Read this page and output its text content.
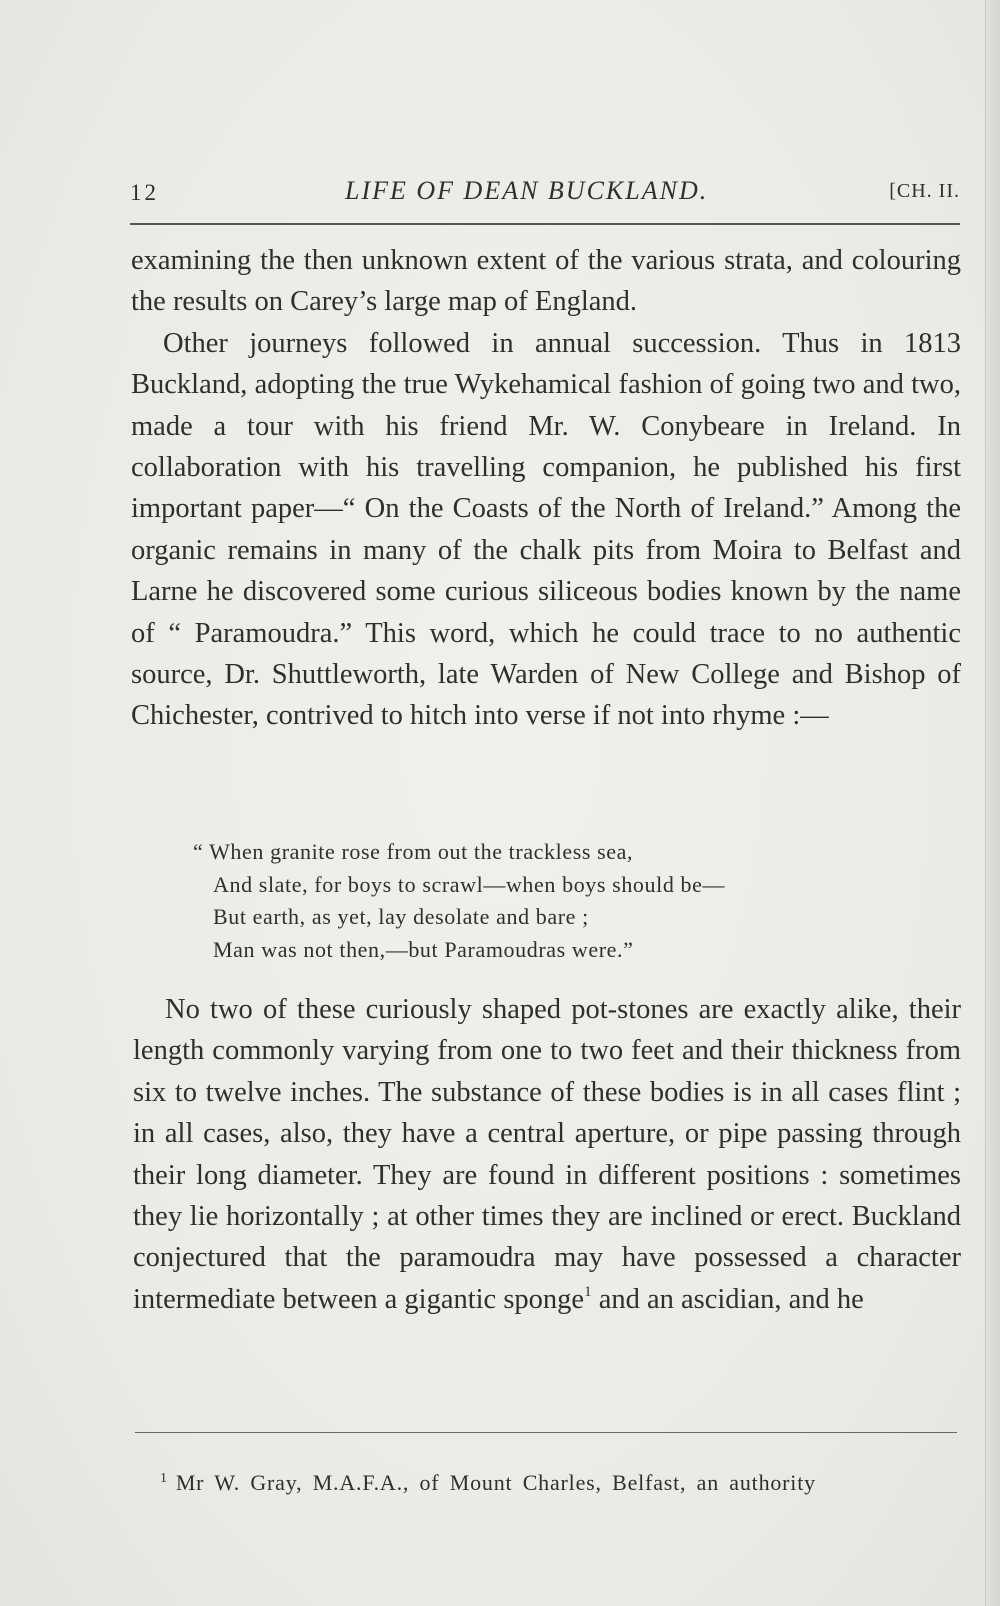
12	LIFE OF DEAN BUCKLAND.	[CH. II.

examining the then unknown extent of the various strata, and colouring the results on Carey’s large map of England.

Other journeys followed in annual succession. Thus in 1813 Buckland, adopting the true Wykehamical fashion of going two and two, made a tour with his friend Mr. W. Conybeare in Ireland. In collaboration with his travelling companion, he published his first important paper—“ On the Coasts of the North of Ireland.” Among the organic remains in many of the chalk pits from Moira to Belfast and Larne he discovered some curious siliceous bodies known by the name of “ Paramoudra.” This word, which he could trace to no authentic source, Dr. Shuttleworth, late Warden of New College and Bishop of Chichester, contrived to hitch into verse if not into rhyme :—

“ When granite rose from out the trackless sea,
And slate, for boys to scrawl—when boys should be—
But earth, as yet, lay desolate and bare ;
Man was not then,—but Paramoudras were.”

No two of these curiously shaped pot-stones are exactly alike, their length commonly varying from one to two feet and their thickness from six to twelve inches. The substance of these bodies is in all cases flint ; in all cases, also, they have a central aperture, or pipe passing through their long diameter. They are found in different positions : sometimes they lie horizontally ; at other times they are inclined or erect. Buckland conjectured that the paramoudra may have possessed a character intermediate between a gigantic sponge$^1$ and an ascidian, and he

$^1$ Mr W. Gray, M.A.F.A., of Mount Charles, Belfast, an authority
